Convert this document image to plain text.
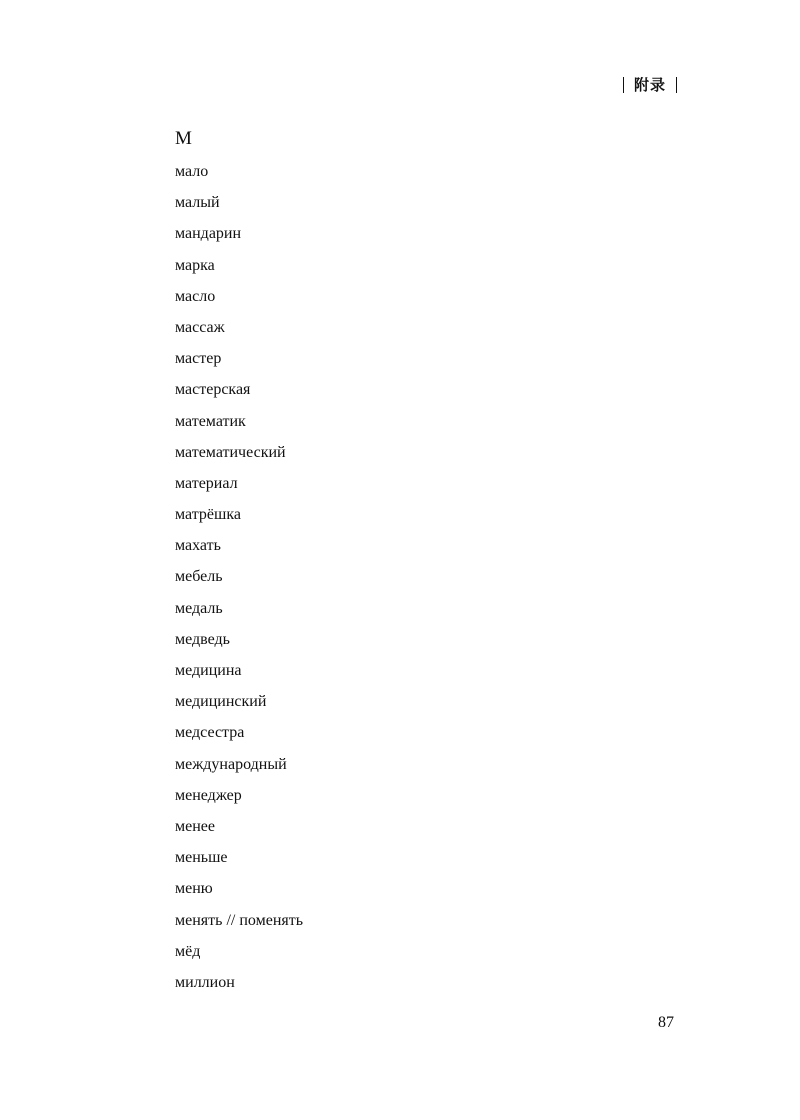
附录
М
мало
малый
мандарин
марка
масло
массаж
мастер
мастерская
математик
математический
материал
матрёшка
махать
мебель
медаль
медведь
медицина
медицинский
медсестра
международный
менеджер
менее
меньше
меню
менять // поменять
мёд
миллион
87
